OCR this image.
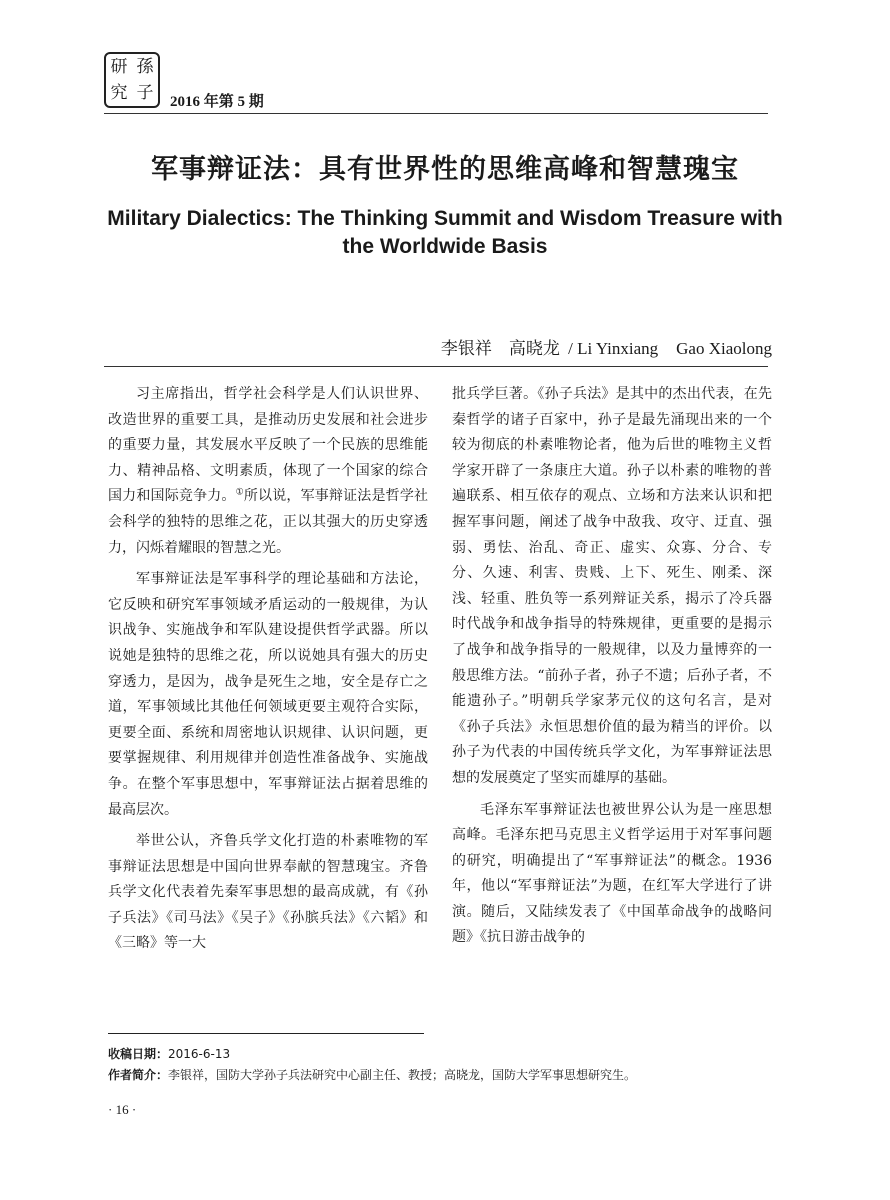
研 孫
究 子	2016 年第 5 期
军事辩证法：具有世界性的思维高峰和智慧瑰宝
Military Dialectics: The Thinking Summit and Wisdom Treasure with the Worldwide Basis
李银祥　高晓龙 / Li Yinxiang Gao Xiaolong

习主席指出，哲学社会科学是人们认识世界、改造世界的重要工具，是推动历史发展和社会进步的重要力量，其发展水平反映了一个民族的思维能力、精神品格、文明素质，体现了一个国家的综合国力和国际竞争力。①所以说，军事辩证法是哲学社会科学的独特的思维之花，正以其强大的历史穿透力，闪烁着耀眼的智慧之光。

军事辩证法是军事科学的理论基础和方法论，它反映和研究军事领域矛盾运动的一般规律，为认识战争、实施战争和军队建设提供哲学武器。所以说她是独特的思维之花，所以说她具有强大的历史穿透力，是因为，战争是死生之地，安全是存亡之道，军事领域比其他任何领域更要主观符合实际，更要全面、系统和周密地认识规律、认识问题，更要掌握规律、利用规律并创造性准备战争、实施战争。在整个军事思想中，军事辩证法占据着思维的最高层次。

举世公认，齐鲁兵学文化打造的朴素唯物的军事辩证法思想是中国向世界奉献的智慧瑰宝。齐鲁兵学文化代表着先秦军事思想的最高成就，有《孙子兵法》《司马法》《吴子》《孙膑兵法》《六韬》和《三略》等一大

批兵学巨著。《孙子兵法》是其中的杰出代表，在先秦哲学的诸子百家中，孙子是最先涌现出来的一个较为彻底的朴素唯物论者，他为后世的唯物主义哲学家开辟了一条康庄大道。孙子以朴素的唯物的普遍联系、相互依存的观点、立场和方法来认识和把握军事问题，阐述了战争中敌我、攻守、迂直、强弱、勇怯、治乱、奇正、虚实、众寡、分合、专分、久速、利害、贵贱、上下、死生、刚柔、深浅、轻重、胜负等一系列辩证关系，揭示了冷兵器时代战争和战争指导的特殊规律，更重要的是揭示了战争和战争指导的一般规律，以及力量博弈的一般思维方法。“前孙子者，孙子不遗；后孙子者，不能遗孙子。”明朝兵学家茅元仪的这句名言，是对《孙子兵法》永恒思想价值的最为精当的评价。以孙子为代表的中国传统兵学文化，为军事辩证法思想的发展奠定了坚实而雄厚的基础。

毛泽东军事辩证法也被世界公认为是一座思想高峰。毛泽东把马克思主义哲学运用于对军事问题的研究，明确提出了“军事辩证法”的概念。1936 年，他以“军事辩证法”为题，在红军大学进行了讲演。随后，又陆续发表了《中国革命战争的战略问题》《抗日游击战争的

收稿日期：2016-6-13
作者简介：李银祥，国防大学孙子兵法研究中心副主任、教授；高晓龙，国防大学军事思想研究生。
· 16 ·
